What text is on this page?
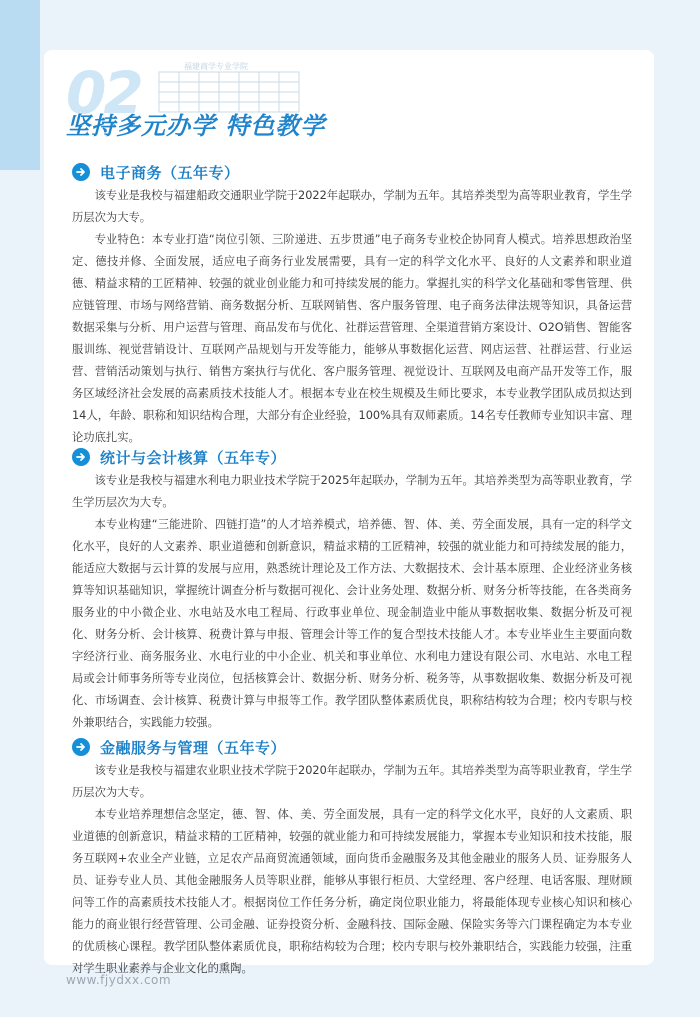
02	福建商学专业学院
坚持多元办学 特色教学
电子商务（五年专）

该专业是我校与福建船政交通职业学院于2022年起联办，学制为五年。其培养类型为高等职业教育，学生学历层次为大专。

专业特色：本专业打造“岗位引领、三阶递进、五步贯通”电子商务专业校企协同育人模式。培养思想政治坚定、德技并修、全面发展，适应电子商务行业发展需要，具有一定的科学文化水平、良好的人文素养和职业道德、精益求精的工匠精神、较强的就业创业能力和可持续发展的能力。掌握扎实的科学文化基础和零售管理、供应链管理、市场与网络营销、商务数据分析、互联网销售、客户服务管理、电子商务法律法规等知识，具备运营数据采集与分析、用户运营与管理、商品发布与优化、社群运营管理、全渠道营销方案设计、O2O销售、智能客服训练、视觉营销设计、互联网产品规划与开发等能力，能够从事数据化运营、网店运营、社群运营、行业运营、营销活动策划与执行、销售方案执行与优化、客户服务管理、视觉设计、互联网及电商产品开发等工作，服务区域经济社会发展的高素质技术技能人才。根据本专业在校生规模及生师比要求，本专业教学团队成员拟达到14人，年龄、职称和知识结构合理，大部分有企业经验，100%具有双师素质。14名专任教师专业知识丰富、理论功底扎实。

统计与会计核算（五年专）

该专业是我校与福建水利电力职业技术学院于2025年起联办，学制为五年。其培养类型为高等职业教育，学生学历层次为大专。

本专业构建“三能进阶、四链打造”的人才培养模式，培养德、智、体、美、劳全面发展，具有一定的科学文化水平，良好的人文素养、职业道德和创新意识，精益求精的工匠精神，较强的就业能力和可持续发展的能力，能适应大数据与云计算的发展与应用，熟悉统计理论及工作方法、大数据技术、会计基本原理、企业经济业务核算等知识基础知识，掌握统计调查分析与数据可视化、会计业务处理、数据分析、财务分析等技能，在各类商务服务业的中小微企业、水电站及水电工程局、行政事业单位、现金制造业中能从事数据收集、数据分析及可视化、财务分析、会计核算、税费计算与申报、管理会计等工作的复合型技术技能人才。本专业毕业生主要面向数字经济行业、商务服务业、水电行业的中小企业、机关和事业单位、水利电力建设有限公司、水电站、水电工程局或会计师事务所等专业岗位，包括核算会计、数据分析、财务分析、税务等，从事数据收集、数据分析及可视化、市场调查、会计核算、税费计算与申报等工作。教学团队整体素质优良，职称结构较为合理；校内专职与校外兼职结合，实践能力较强。

金融服务与管理（五年专）

该专业是我校与福建农业职业技术学院于2020年起联办，学制为五年。其培养类型为高等职业教育，学生学历层次为大专。

本专业培养理想信念坚定，德、智、体、美、劳全面发展，具有一定的科学文化水平，良好的人文素质、职业道德的创新意识，精益求精的工匠精神，较强的就业能力和可持续发展能力，掌握本专业知识和技术技能，服务互联网+农业全产业链，立足农产品商贸流通领域，面向货币金融服务及其他金融业的服务人员、证券服务人员、证券专业人员、其他金融服务人员等职业群，能够从事银行柜员、大堂经理、客户经理、电话客服、理财顾问等工作的高素质技术技能人才。根据岗位工作任务分析，确定岗位职业能力，将最能体现专业核心知识和核心能力的商业银行经营管理、公司金融、证券投资分析、金融科技、国际金融、保险实务等六门课程确定为本专业的优质核心课程。教学团队整体素质优良，职称结构较为合理；校内专职与校外兼职结合，实践能力较强，注重对学生职业素养与企业文化的熏陶。

www.fjydxx.com
